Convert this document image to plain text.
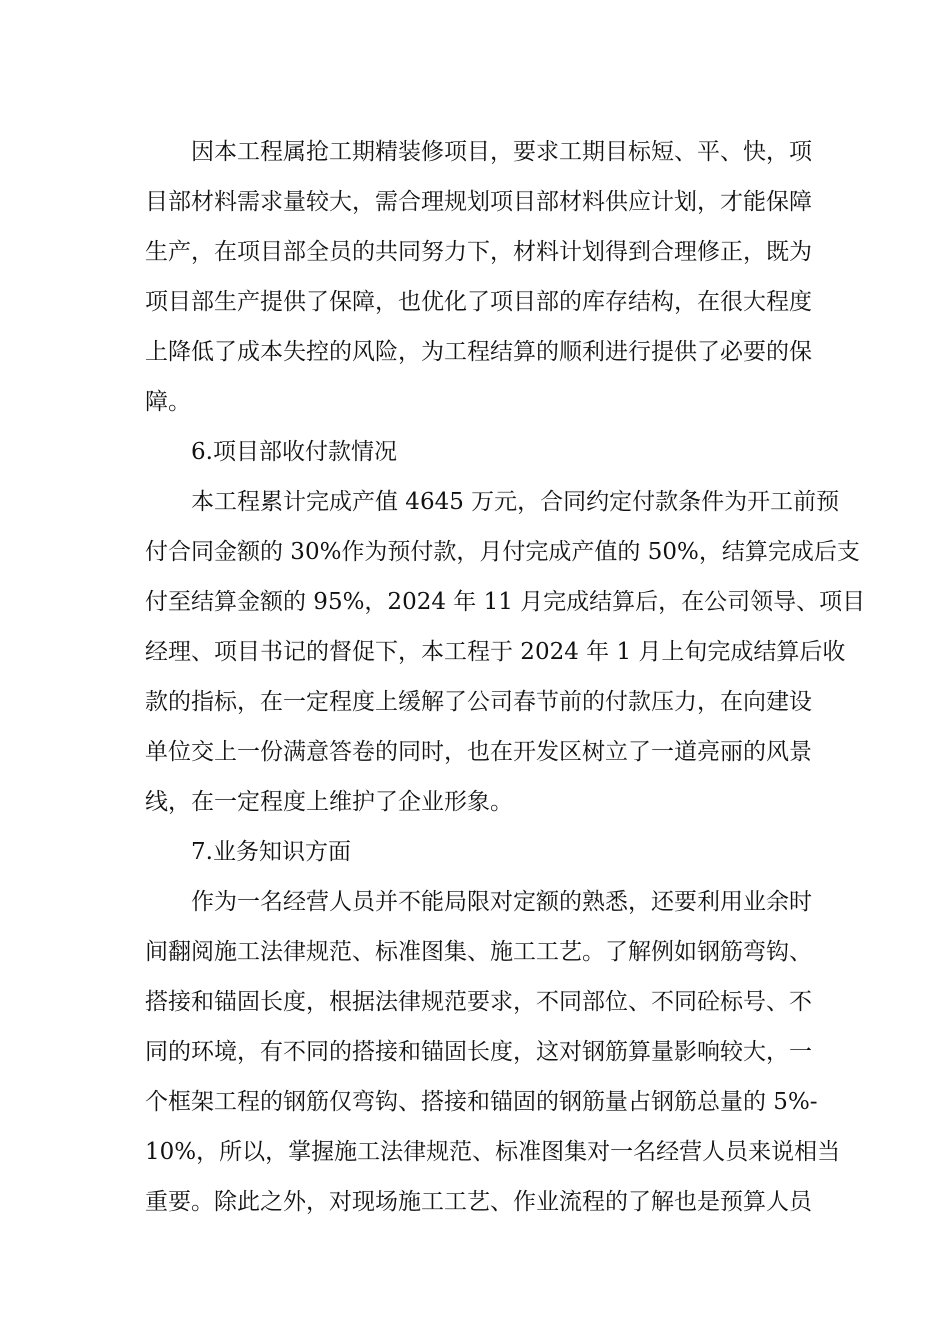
因本工程属抢工期精装修项目，要求工期目标短、平、快，项
目部材料需求量较大，需合理规划项目部材料供应计划，才能保障
生产，在项目部全员的共同努力下，材料计划得到合理修正，既为
项目部生产提供了保障，也优化了项目部的库存结构，在很大程度
上降低了成本失控的风险，为工程结算的顺利进行提供了必要的保
障。
6.项目部收付款情况
本工程累计完成产值 4645 万元，合同约定付款条件为开工前预
付合同金额的 30%作为预付款，月付完成产值的 50%，结算完成后支
付至结算金额的 95%，2024 年 11 月完成结算后，在公司领导、项目
经理、项目书记的督促下，本工程于 2024 年 1 月上旬完成结算后收
款的指标，在一定程度上缓解了公司春节前的付款压力，在向建设
单位交上一份满意答卷的同时，也在开发区树立了一道亮丽的风景
线，在一定程度上维护了企业形象。
7.业务知识方面
作为一名经营人员并不能局限对定额的熟悉，还要利用业余时
间翻阅施工法律规范、标准图集、施工工艺。了解例如钢筋弯钩、
搭接和锚固长度，根据法律规范要求，不同部位、不同砼标号、不
同的环境，有不同的搭接和锚固长度，这对钢筋算量影响较大，一
个框架工程的钢筋仅弯钩、搭接和锚固的钢筋量占钢筋总量的 5%-
10%，所以，掌握施工法律规范、标准图集对一名经营人员来说相当
重要。除此之外，对现场施工工艺、作业流程的了解也是预算人员
